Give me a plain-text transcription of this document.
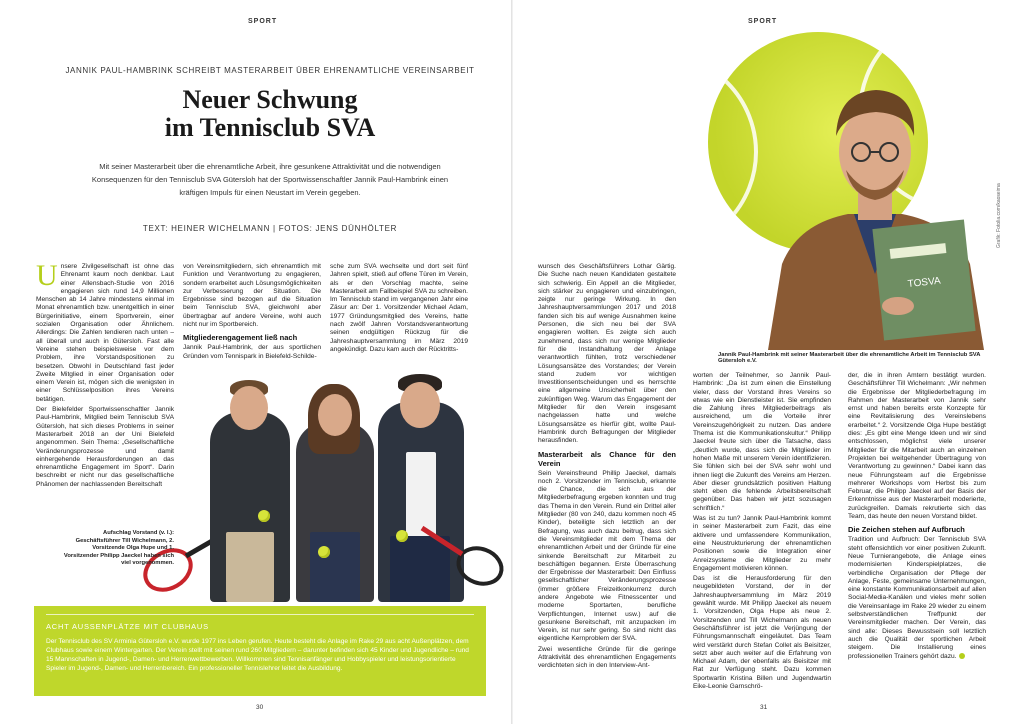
SPORT
JANNIK PAUL-HAMBRINK SCHREIBT MASTERARBEIT ÜBER EHRENAMTLICHE VEREINSARBEIT
Neuer Schwung
im Tennisclub SVA

Mit seiner Masterarbeit über die ehrenamtliche Arbeit, ihre gesunkene Attraktivität und die notwendigen Konsequenzen für den Tennisclub SVA Gütersloh hat der Sportwissenschaftler Jannik Paul-Hambrink einen kräftigen Impuls für einen Neustart im Verein gegeben.

TEXT: HEINER WICHELMANN | FOTOS: JENS DÜNHÖLTER

Unsere Zivilgesellschaft ist ohne das Ehrenamt kaum noch denkbar. Laut einer Allensbach-Studie von 2016 engagieren sich rund 14,9 Millionen Menschen ab 14 Jahre mindestens einmal im Monat ehrenamtlich bzw. unentgeltlich in einer Bürgerinitiative, einem Sportverein, einer sozialen Organisation oder Ähnlichem. Allerdings: Die Zahlen tendieren nach unten – all überall und auch in Gütersloh. Fast alle Vereine stehen beispielsweise vor dem Problem, ihre Vorstandspositionen zu besetzen. Obwohl in Deutschland fast jeder Zweite Mitglied in einer Organisation oder einem Verein ist, mögen sich die wenigsten in einer Schlüsselposition ihres Vereins betätigen.

Der Bielefelder Sportwissenschaftler Jannik Paul-Hambrink, Mitglied beim Tennisclub SVA Gütersloh, hat sich dieses Problems in seiner Masterarbeit 2018 an der Uni Bielefeld angenommen. Sein Thema: „Gesellschaftliche Veränderungsprozesse und damit einhergehende Herausforderungen an das ehrenamtliche Engagement im Sport“. Darin beschreibt er nicht nur das gesellschaftliche Phänomen der nachlassenden Bereitschaft

von Vereinsmitgliedern, sich ehrenamtlich mit Funktion und Verantwortung zu engagieren, sondern erarbeitet auch Lösungsmöglichkeiten zur Verbesserung der Situation. Die Ergebnisse sind bezogen auf die Situation beim Tennisclub SVA, gleichwohl aber übertragbar auf andere Vereine, wohl auch nicht nur im Sportbereich.

Mitgliederengagement ließ nach

Jannik Paul-Hambrink, der aus sportlichen Gründen vom Tennispark in Bielefeld-Schilde-

sche zum SVA wechselte und dort seit fünf Jahren spielt, stieß auf offene Türen im Verein, als er den Vorschlag machte, seine Masterarbeit am Fallbeispiel SVA zu schreiben. Im Tennisclub stand im vergangenen Jahr eine Zäsur an: Der 1. Vorsitzender Michael Adam, 1977 Gründungsmitglied des Vereins, hatte nach zwölf Jahren Vorstandsverantwortung seinen endgültigen Rückzug für die Jahreshauptversammlung im März 2019 angekündigt. Dazu kam auch der Rücktritts-

Aufschlag Vorstand (v. l.): Geschäftsführer Till Wichelmann, 2. Vorsitzende Olga Hupe und 1. Vorsitzender Philipp Jaeckel haben sich viel vorgenommen.
ACHT AUSSENPLÄTZE MIT CLUBHAUS
Der Tennisclub des SV Arminia Gütersloh e.V. wurde 1977 ins Leben gerufen. Heute besteht die Anlage im Rake 29 aus acht Außenplätzen, dem Clubhaus sowie einem Wintergarten. Der Verein stellt mit seinen rund 260 Mitgliedern – darunter befinden sich 45 Kinder und Jugendliche – rund 15 Mannschaften in Jugend-, Damen- und Herrenwettbewerben. Willkommen sind Tennisanfänger und Hobbyspieler und leistungsorientierte Spieler im Jugend-, Damen- und Herrenbereich. Ein professioneller Tennislehrer leitet die Ausbildung.
30
SPORT
TOSVA
Grafik: Fotolia.com/kaoseima
Jannik Paul-Hambrink mit seiner Masterarbeit über die ehrenamtliche Arbeit im Tennisclub SVA Gütersloh e.V.

wunsch des Geschäftsführers Lothar Gärtig. Die Suche nach neuen Kandidaten gestaltete sich schwierig. Ein Appell an die Mitglieder, sich stärker zu engagieren und einzubringen, zeigte nur geringe Wirkung. In den Jahreshauptversammlungen 2017 und 2018 fanden sich bis auf wenige Ausnahmen keine Personen, die sich neu bei der SVA engagieren wollten. Es zeigte sich auch zunehmend, dass sich nur wenige Mitglieder für die Instandhaltung der Anlage verantwortlich fühlten, trotz verschiedener Lösungsansätze des Vorstandes; der Verein stand zudem vor wichtigen Investitionsentscheidungen und es herrschte eine allgemeine Unsicherheit über den zukünftigen Weg. Warum das Engagement der Mitglieder für den Verein insgesamt nachgelassen hatte und welche Lösungsansätze es hierfür gibt, wollte Paul-Hambrink durch Befragungen der Mitglieder herausfinden.

Masterarbeit als Chance für den Verein

Sein Vereinsfreund Phillip Jaeckel, damals noch 2. Vorsitzender im Tennisclub, erkannte die Chance, die sich aus der Mitgliederbefragung ergeben konnten und trug das Thema in den Verein. Rund ein Drittel aller Mitglieder (80 von 240, dazu kommen noch 45 Kinder), beteiligte sich letztlich an der Befragung, was auch dazu beitrug, dass sich die Vereinsmitglieder mit dem Thema der ehrenamtlichen Arbeit und der Gründe für eine sinkende Bereitschaft zur Mitarbeit zu beschäftigen begannen. Erste Überraschung der Ergebnisse der Masterarbeit: Den Einfluss gesellschaftlicher Veränderungsprozesse (immer größere Freizeitkonkurrenz durch andere Angebote wie Fitnesscenter und moderne Sportarten, berufliche Verpflichtungen, Internet usw.) auf die gesunkene Bereitschaft, mit anzupacken im Verein, ist nur sehr gering. So sind nicht das eigentliche Kernproblem der SVA.

Zwei wesentliche Gründe für die geringe Attraktivität des ehrenamtlichen Engagements verdichteten sich in den Interview-Ant-

worten der Teilnehmer, so Jannik Paul-Hambrink: „Da ist zum einen die Einstellung vieler, dass der Vorstand ihres Vereins so etwas wie ein Dienstleister ist. Sie empfinden die Zahlung ihres Mitgliederbeitrags als ausreichend, um die Vorteile ihrer Vereinszugehörigkeit zu nutzen. Das andere Thema ist die Kommunikationskultur.“ Philipp Jaeckel freute sich über die Tatsache, dass „deutlich wurde, dass sich die Mitglieder im hohen Maße mit unserem Verein identifizieren. Sie fühlen sich bei der SVA sehr wohl und ihnen liegt die Zukunft des Vereins am Herzen. Aber dieser grundsätzlich positiven Haltung steht eben die fehlende Arbeitsbereitschaft gegenüber. Das haben wir jetzt sozusagen schriftlich.“

Was ist zu tun? Jannik Paul-Hambrink kommt in seiner Masterarbeit zum Fazit, das eine aktivere und umfassendere Kommunikation, eine Neustrukturierung der ehrenamtlichen Positionen sowie die Integration einer Anreizsysteme die Mitglieder zu mehr Engagement motivieren können.

Das ist die Herausforderung für den neugebildeten Vorstand, der in der Jahreshauptversammlung im März 2019 gewählt wurde. Mit Philipp Jaeckel als neuem 1. Vorsitzenden, Olga Hupe als neue 2. Vorsitzenden und Till Wichelmann als neuen Geschäftsführer ist jetzt die Verjüngung der Führungsmannschaft eingeläutet. Das Team wird verstärkt durch Stefan Collet als Beisitzer, setzt aber auch weiter auf die Erfahrung von Michael Adam, der ebenfalls als Beisitzer mit Rat zur Verfügung steht. Dazu kommen Sportwartin Kristina Billen und Jugendwartin Eike-Leonie Garnschrö-

der, die in ihren Ämtern bestätigt wurden. Geschäftsführer Till Wichelmann: „Wir nehmen die Ergebnisse der Mitgliederbefragung im Rahmen der Masterarbeit von Jannik sehr ernst und haben bereits erste Konzepte für eine Revitalisierung des Vereinslebens erarbeitet.“ 2. Vorsitzende Olga Hupe bestätigt dies: „Es gibt eine Menge Ideen und wir sind entschlossen, möglichst viele unserer Mitglieder für die Mitarbeit auch an einzelnen Projekten bei weitgehender Übertragung von Verantwortung zu gewinnen.“ Dabei kann das neue Führungsteam auf die Ergebnisse mehrerer Workshops vom Herbst bis zum Februar, die Philipp Jaeckel auf der Basis der Erkenntnisse aus der Masterarbeit moderierte, zurückgreifen. Damals rekrutierte sich das Team, das heute den neuen Vorstand bildet.

Die Zeichen stehen auf Aufbruch

Tradition und Aufbruch: Der Tennisclub SVA steht offensichtlich vor einer positiven Zukunft. Neue Turnierangebote, die Anlage eines modernisierten Kinderspielplatzes, die verbindliche Organisation der Pflege der Anlage, Feste, gemeinsame Unternehmungen, eine konstante Kommunikationsarbeit auf allen Social-Media-Kanälen und vieles mehr sollen die Vereinsanlage im Rake 29 wieder zu einem selbstverständlichen Treffpunkt der Vereinsmitglieder machen. Der Verein, das sind alle: Dieses Bewusstsein soll letztlich auch die Qualität der sportlichen Arbeit steigern. Die Installierung eines professionellen Trainers gehört dazu.

31
